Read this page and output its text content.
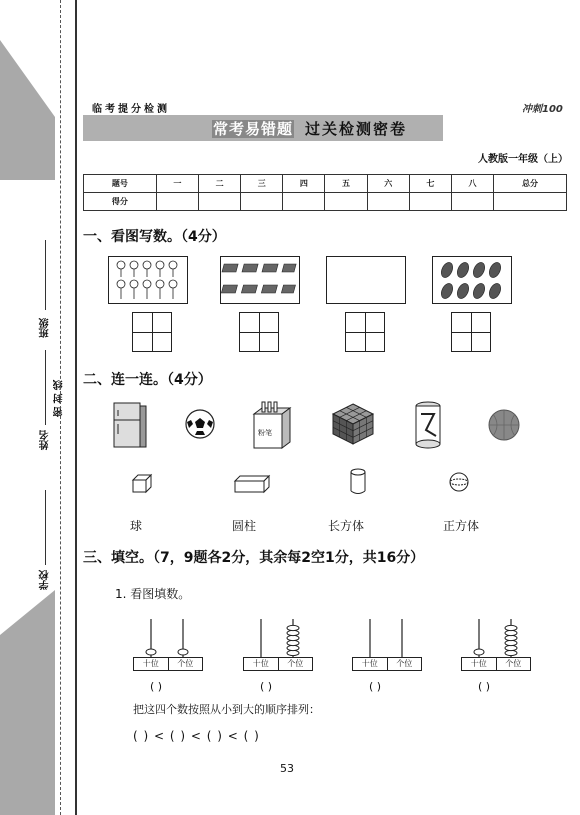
班级
姓名
密 封 线
学校
临考提分检测	冲刺100
常考易错题 过关检测密卷
人教版一年级（上）
题号	一	二	三	四	五	六	七	八	总分
得分									
一、看图写数。（4分）
二、连一连。（4分）
粉笔
球	圆柱	长方体	正方体
三、填空。（7，9题各2分，其余每2空1分，共16分）
1. 看图填数。
十位	个位	十位	个位	十位	个位	十位	个位
( )	( )	( )	( )
把这四个数按照从小到大的顺序排列：
( ) < ( ) < ( ) < ( )
53
